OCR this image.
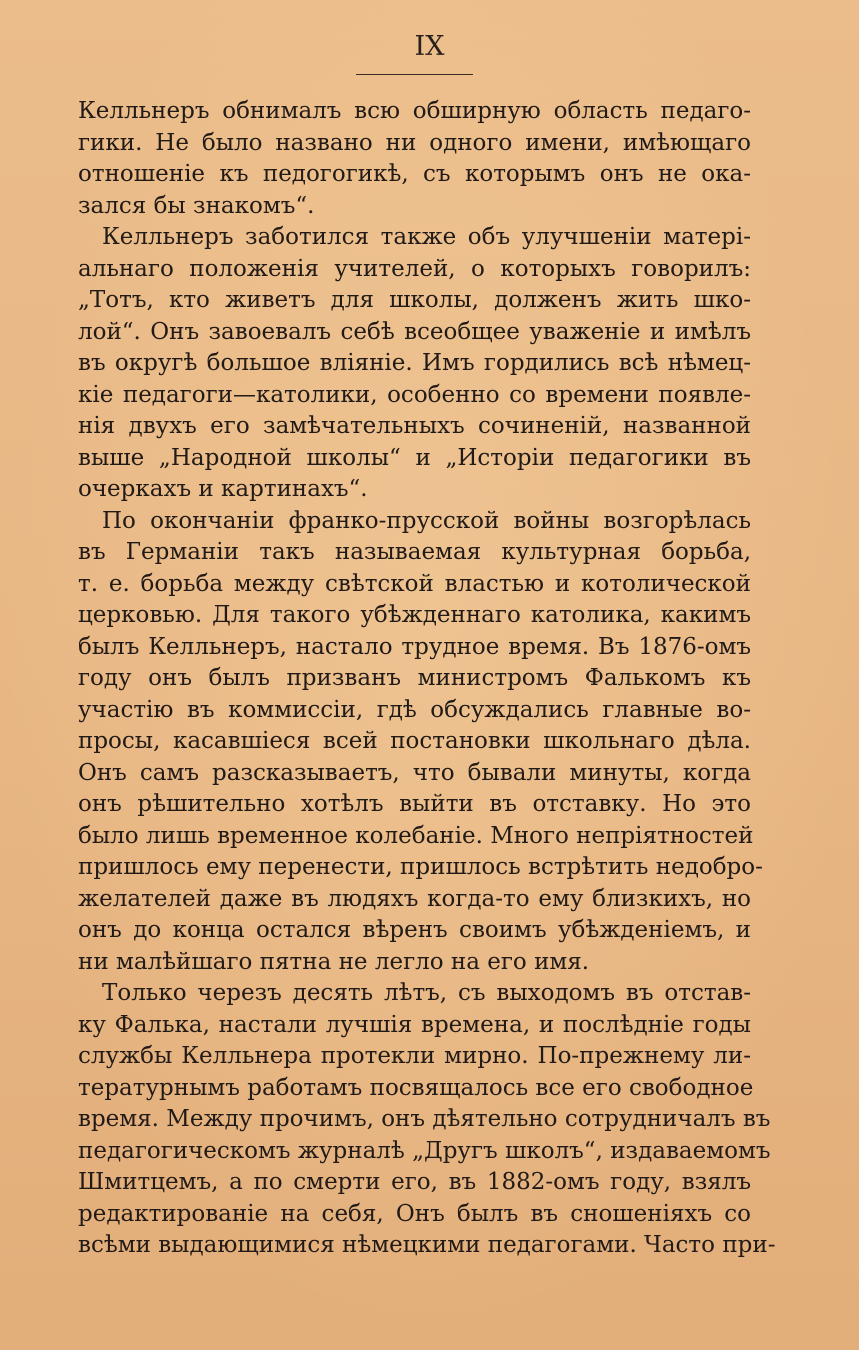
IX
Келльнеръ обнималъ всю обширную область педаго-
гики. Не было названо ни одного имени, имѣющаго
отношеніе къ педогогикѣ, съ которымъ онъ не ока-
зался бы знакомъ“.
Келльнеръ заботился также объ улучшеніи матері-
альнаго положенія учителей, о которыхъ говорилъ:
„Тотъ, кто живетъ для школы, долженъ жить шко-
лой“. Онъ завоевалъ себѣ всеобщее уваженіе и имѣлъ
въ округѣ большое вліяніе. Имъ гордились всѣ нѣмец-
кіе педагоги—католики, особенно со времени появле-
нія двухъ его замѣчательныхъ сочиненій, названной
выше „Народной школы“ и „Исторіи педагогики въ
очеркахъ и картинахъ“.
По окончаніи франко-прусской войны возгорѣлась
въ Германіи такъ называемая культурная борьба,
т. е. борьба между свѣтской властью и котолической
церковью. Для такого убѣжденнаго католика, какимъ
былъ Келльнеръ, настало трудное время. Въ 1876-омъ
году онъ былъ призванъ министромъ Фалькомъ къ
участію въ коммиссіи, гдѣ обсуждались главные во-
просы, касавшіеся всей постановки школьнаго дѣла.
Онъ самъ разсказываетъ, что бывали минуты, когда
онъ рѣшительно хотѣлъ выйти въ отставку. Но это
было лишь временное колебаніе. Много непріятностей
пришлось ему перенести, пришлось встрѣтить недобро-
желателей даже въ людяхъ когда-то ему близкихъ, но
онъ до конца остался вѣренъ своимъ убѣжденіемъ, и
ни малѣйшаго пятна не легло на его имя.
Только черезъ десять лѣтъ, съ выходомъ въ отстав-
ку Фалька, настали лучшія времена, и послѣдніе годы
службы Келльнера протекли мирно. По-прежнему ли-
тературнымъ работамъ посвящалось все его свободное
время. Между прочимъ, онъ дѣятельно сотрудничалъ въ
педагогическомъ журналѣ „Другъ школъ“, издаваемомъ
Шмитцемъ, а по смерти его, въ 1882-омъ году, взялъ
редактированіе на себя, Онъ былъ въ сношеніяхъ со
всѣми выдающимися нѣмецкими педагогами. Часто при-
